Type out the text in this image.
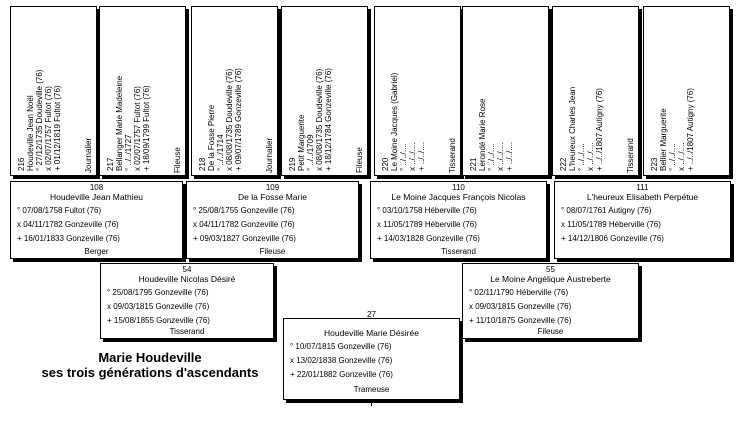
216 Houdeville Jean Noël ° 27/12/1735 Doudeville (76) x 02/07/1757 Fultot (76) + 01/12/1819 Fultot (76)	Journalier 217 Bellanger Marie Madeleine ° ../../1727 x 02/07/1757 Fultot (76) + 18/09/1799 Fultot (76)	Fileuse 218 De la Fosse Pierre ° ../../1714 x 08/08/1735 Doudeville (76) + 09/07/1789 Gonzeville (76)	Journalier 219 Petit Marguerite ° ../../1709 x 08/08/1735 Doudeville (76) + 18/12/1784 Gonzeville (76)	Fileuse 220 Le Moine Jacques (Gabriel) ° ../../.... x ../../.... + ../../....	Tisserand 221 Lerondé Marie Rose ° ../../.... x ../../.... + ../../....	222 L'heureux Charles Jean ° ../../.... x ../../.... + ../../1807 Autigny (76)	Tisserand 223 Bellier Marguerite ° ../../.... x ../../.... + ../../1807 Autigny (76)
108
Houdeville Jean Mathieu
° 07/08/1758 Fultot (76)
x 04/11/1782 Gonzeville (76)
+ 16/01/1833 Gonzeville (76)
Berger
109
De la Fosse Marie
° 25/08/1755 Gonzeville (76)
x 04/11/1782 Gonzeville (76)
+ 09/03/1827 Gonzeville (76)
Fileuse
110
Le Moine Jacques François Nicolas
° 03/10/1758 Héberville (76)
x 11/05/1789 Héberville (76)
+ 14/03/1828 Gonzeville (76)
Tisserand
111
L'heureux Elisabeth Perpétue
° 08/07/1761 Autigny (76)
x 11/05/1789 Héberville (76)
+ 14/12/1806 Gonzeville (76)
54
Houdeville Nicolas Désiré
° 25/08/1795 Gonzeville (76)
x 09/03/1815 Gonzeville (76)
+ 15/08/1855 Gonzeville (76)
Tisserand
55
Le Moine Angélique Austreberte
° 02/11/1790 Héberville (76)
x 09/03/1815 Gonzeville (76)
+ 11/10/1875 Gonzeville (76)
Fileuse
27
Houdeville Marie Désirée
° 10/07/1815 Gonzeville (76)
x 13/02/1838 Gonzeville (76)
+ 22/01/1882 Gonzeville (76)
Trameuse
Marie Houdeville
ses trois générations d'ascendants
